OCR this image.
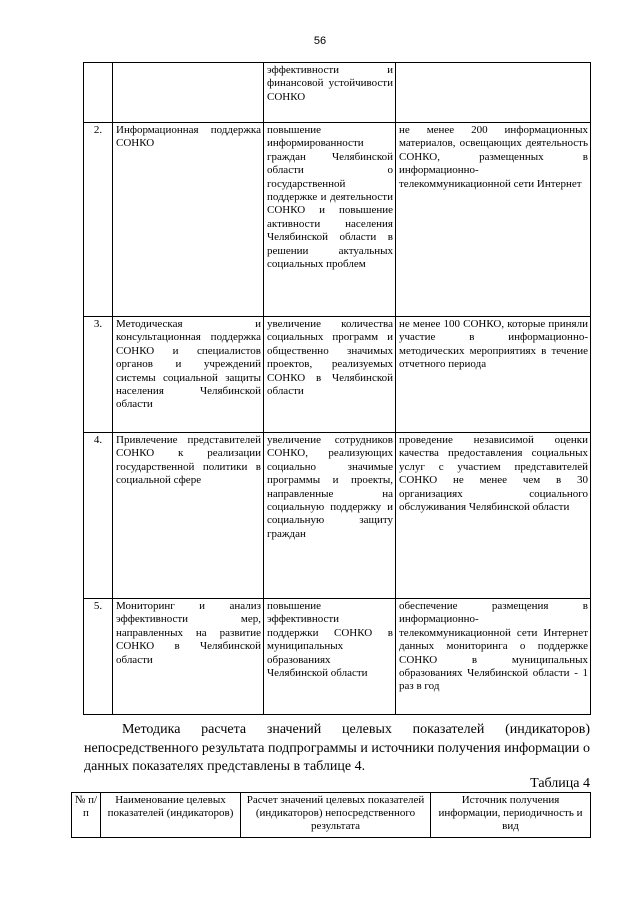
56
		эффективности и финансовой устойчивости СОНКО	
2.	Информационная поддержка СОНКО	повышение информированности граждан Челябинской области о государственной поддержке и деятельности СОНКО и повышение активности населения Челябинской области в решении актуальных социальных проблем	не менее 200 информационных материалов, освещающих деятельность СОНКО, размещенных в информационно-телекоммуникационной сети Интернет
3.	Методическая и консультационная поддержка СОНКО и специалистов органов и учреждений системы социальной защиты населения Челябинской области	увеличение количества социальных программ и общественно значимых проектов, реализуемых СОНКО в Челябинской области	не менее 100 СОНКО, которые приняли участие в информационно-методических мероприятиях в течение отчетного периода
4.	Привлечение представителей СОНКО к реализации государственной политики в социальной сфере	увеличение сотрудников СОНКО, реализующих социально значимые программы и проекты, направленные на социальную поддержку и социальную защиту граждан	проведение независимой оценки качества предоставления социальных услуг с участием представителей СОНКО не менее чем в 30 организациях социального обслуживания Челябинской области
5.	Мониторинг и анализ эффективности мер, направленных на развитие СОНКО в Челябинской области	повышение эффективности поддержки СОНКО в муниципальных образованиях Челябинской области	обеспечение размещения в информационно-телекоммуникационной сети Интернет данных мониторинга о поддержке СОНКО в муниципальных образованиях Челябинской области - 1 раз в год

Методика расчета значений целевых показателей (индикаторов) непосредственного результата подпрограммы и источники получения информации о данных показателях представлены в таблице 4.

Таблица 4
№ п/п	Наименование целевых показателей (индикаторов)	Расчет значений целевых показателей (индикаторов) непосредственного результата	Источник получения информации, периодичность и вид
